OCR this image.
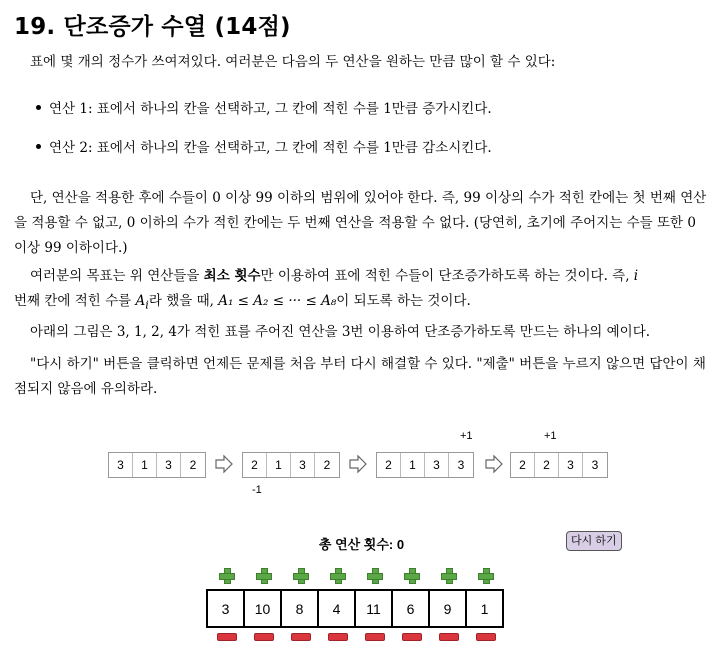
19. 단조증가 수열 (14점)
표에 몇 개의 정수가 쓰여져있다. 여러분은 다음의 두 연산을 원하는 만큼 많이 할 수 있다:
연산 1: 표에서 하나의 칸을 선택하고, 그 칸에 적힌 수를 1만큼 증가시킨다.
연산 2: 표에서 하나의 칸을 선택하고, 그 칸에 적힌 수를 1만큼 감소시킨다.
단, 연산을 적용한 후에 수들이 0 이상 99 이하의 범위에 있어야 한다. 즉, 99 이상의 수가 적힌 칸에는 첫 번째 연산을 적용할 수 없고, 0 이하의 수가 적힌 칸에는 두 번째 연산을 적용할 수 없다. (당연히, 초기에 주어지는 수들 또한 0 이상 99 이하이다.)
여러분의 목표는 위 연산들을 최소 횟수만 이용하여 표에 적힌 수들이 단조증가하도록 하는 것이다. 즉, i
번째 칸에 적힌 수를 $A_i$라 했을 때, A₁ ≤ A₂ ≤ ··· ≤ A₈이 되도록 하는 것이다.
아래의 그림은 3, 1, 2, 4가 적힌 표를 주어진 연산을 3번 이용하여 단조증가하도록 만드는 하나의 예이다.
"다시 하기" 버튼을 클릭하면 언제든 문제를 처음 부터 다시 해결할 수 있다. "제출" 버튼을 누르지 않으면 답안이 채점되지 않음에 유의하라.
3	1	3	2	2	1	3	2	2	1	3	3	2	2	3	3
-1
+1	+1
총 연산 횟수: 0	다시 하기
3	10	8	4	11	6	9	1
